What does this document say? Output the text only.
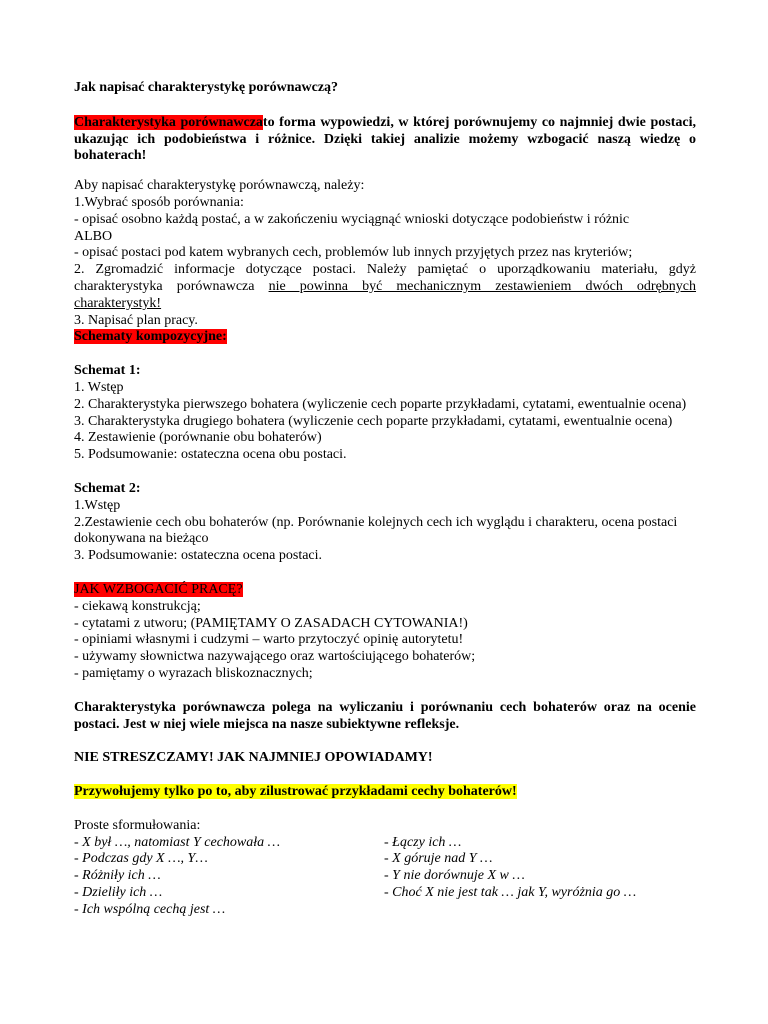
Jak napisać charakterystykę porównawczą?

Charakterystyka porównawczato forma wypowiedzi, w której porównujemy co najmniej dwie postaci, ukazując ich podobieństwa i różnice. Dzięki takiej analizie możemy wzbogacić naszą wiedzę o bohaterach!

Aby napisać charakterystykę porównawczą, należy:

1.Wybrać sposób porównania:

- opisać osobno każdą postać, a w zakończeniu wyciągnąć wnioski dotyczące podobieństw i różnic

ALBO

- opisać postaci pod katem wybranych cech, problemów lub innych przyjętych przez nas kryteriów;

2. Zgromadzić informacje dotyczące postaci. Należy pamiętać o uporządkowaniu materiału, gdyż charakterystyka porównawcza nie powinna być mechanicznym zestawieniem dwóch odrębnych charakterystyk!

3. Napisać plan pracy.

Schematy kompozycyjne:

Schemat 1:

1. Wstęp

2. Charakterystyka pierwszego bohatera (wyliczenie cech poparte przykładami, cytatami, ewentualnie ocena)

3. Charakterystyka drugiego bohatera (wyliczenie cech poparte przykładami, cytatami, ewentualnie ocena)

4. Zestawienie (porównanie obu bohaterów)

5. Podsumowanie: ostateczna ocena obu postaci.

Schemat 2:

1.Wstęp

2.Zestawienie cech obu bohaterów (np. Porównanie kolejnych cech ich wyglądu i charakteru, ocena postaci dokonywana na bieżąco

3. Podsumowanie: ostateczna ocena postaci.

JAK WZBOGACIĆ PRACĘ?

- ciekawą konstrukcją;

- cytatami z utworu; (PAMIĘTAMY O ZASADACH CYTOWANIA!)

- opiniami własnymi i cudzymi – warto przytoczyć opinię autorytetu!

- używamy słownictwa nazywającego oraz wartościującego bohaterów;

- pamiętamy o wyrazach bliskoznacznych;

Charakterystyka porównawcza polega na wyliczaniu i porównaniu cech bohaterów oraz na ocenie postaci. Jest w niej wiele miejsca na nasze subiektywne refleksje.

NIE STRESZCZAMY! JAK NAJMNIEJ OPOWIADAMY!

Przywołujemy tylko po to, aby zilustrować przykładami cechy bohaterów!

Proste sformułowania:

- X był …, natomiast Y cechowała …

- Podczas gdy X …, Y…

- Różniły ich …

- Dzieliły ich …

- Ich wspólną cechą jest …

- Łączy ich …

- X góruje nad Y …

- Y nie dorównuje X w …

- Choć X nie jest tak … jak Y, wyróżnia go …
